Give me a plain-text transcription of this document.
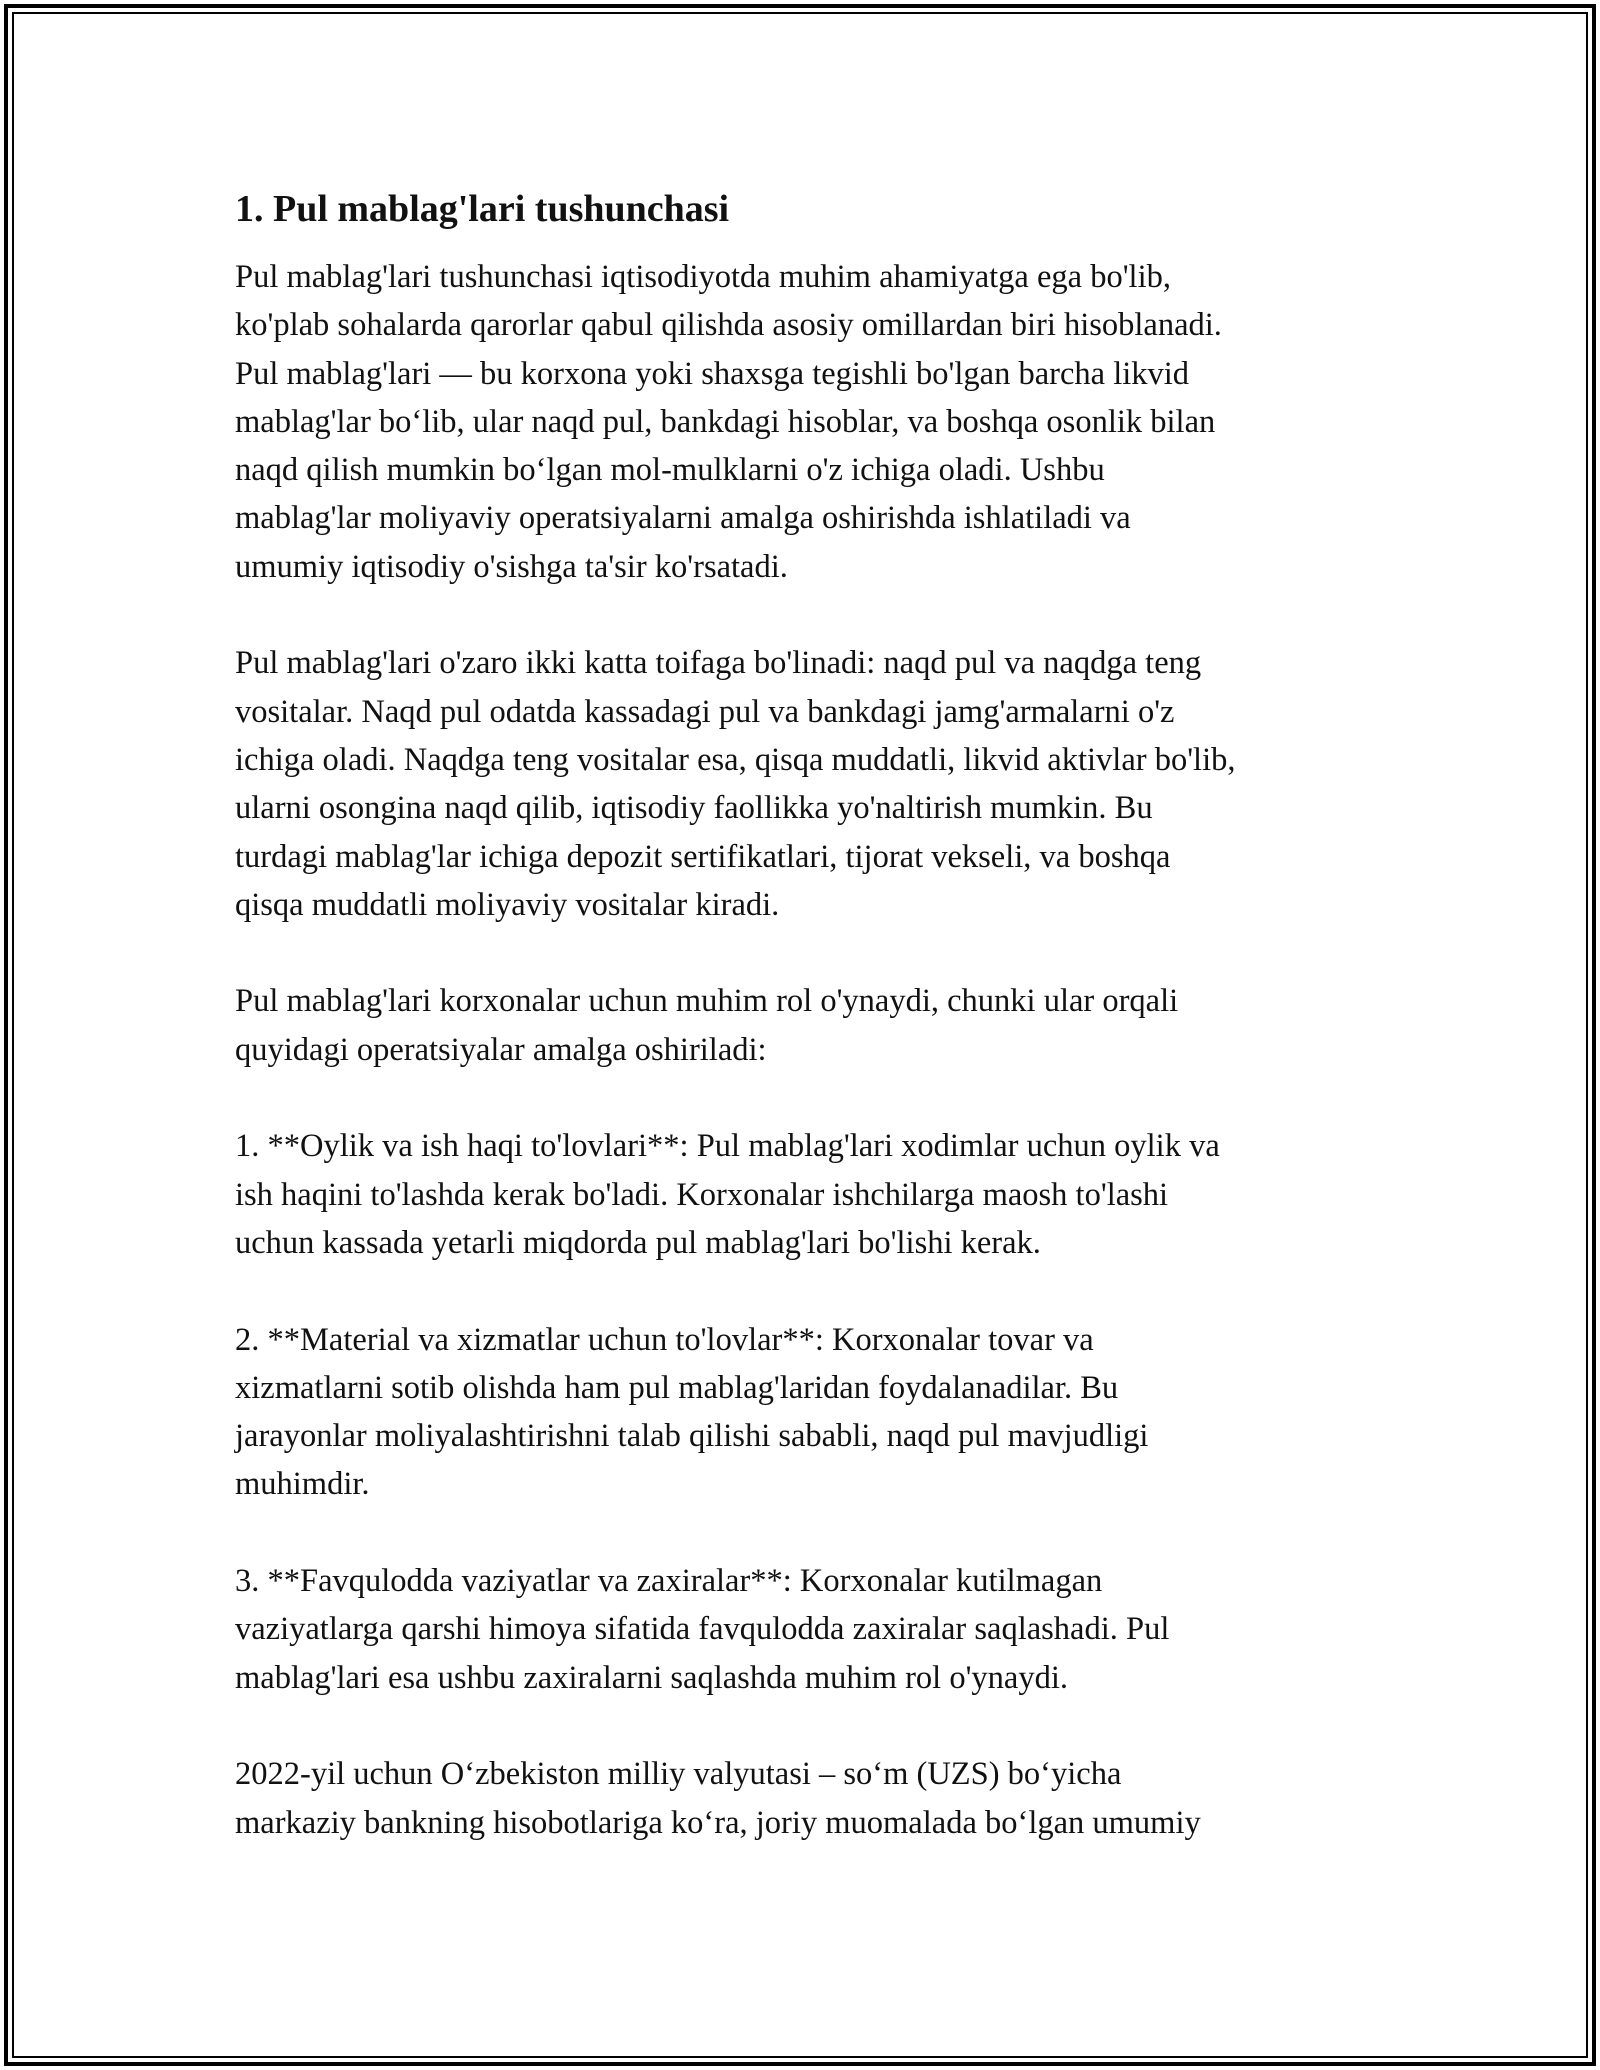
1. Pul mablag'lari tushunchasi

Pul mablag'lari tushunchasi iqtisodiyotda muhim ahamiyatga ega bo'lib,
ko'plab sohalarda qarorlar qabul qilishda asosiy omillardan biri hisoblanadi.
Pul mablag'lari — bu korxona yoki shaxsga tegishli bo'lgan barcha likvid
mablag'lar bo‘lib, ular naqd pul, bankdagi hisoblar, va boshqa osonlik bilan
naqd qilish mumkin bo‘lgan mol-mulklarni o'z ichiga oladi. Ushbu
mablag'lar moliyaviy operatsiyalarni amalga oshirishda ishlatiladi va
umumiy iqtisodiy o'sishga ta'sir ko'rsatadi.

Pul mablag'lari o'zaro ikki katta toifaga bo'linadi: naqd pul va naqdga teng
vositalar. Naqd pul odatda kassadagi pul va bankdagi jamg'armalarni o'z
ichiga oladi. Naqdga teng vositalar esa, qisqa muddatli, likvid aktivlar bo'lib,
ularni osongina naqd qilib, iqtisodiy faollikka yo'naltirish mumkin. Bu
turdagi mablag'lar ichiga depozit sertifikatlari, tijorat vekseli, va boshqa
qisqa muddatli moliyaviy vositalar kiradi.

Pul mablag'lari korxonalar uchun muhim rol o'ynaydi, chunki ular orqali
quyidagi operatsiyalar amalga oshiriladi:

1. **Oylik va ish haqi to'lovlari**: Pul mablag'lari xodimlar uchun oylik va
ish haqini to'lashda kerak bo'ladi. Korxonalar ishchilarga maosh to'lashi
uchun kassada yetarli miqdorda pul mablag'lari bo'lishi kerak.

2. **Material va xizmatlar uchun to'lovlar**: Korxonalar tovar va
xizmatlarni sotib olishda ham pul mablag'laridan foydalanadilar. Bu
jarayonlar moliyalashtirishni talab qilishi sababli, naqd pul mavjudligi
muhimdir.

3. **Favqulodda vaziyatlar va zaxiralar**: Korxonalar kutilmagan
vaziyatlarga qarshi himoya sifatida favqulodda zaxiralar saqlashadi. Pul
mablag'lari esa ushbu zaxiralarni saqlashda muhim rol o'ynaydi.

2022-yil uchun O‘zbekiston milliy valyutasi – so‘m (UZS) bo‘yicha
markaziy bankning hisobotlariga ko‘ra, joriy muomalada bo‘lgan umumiy
